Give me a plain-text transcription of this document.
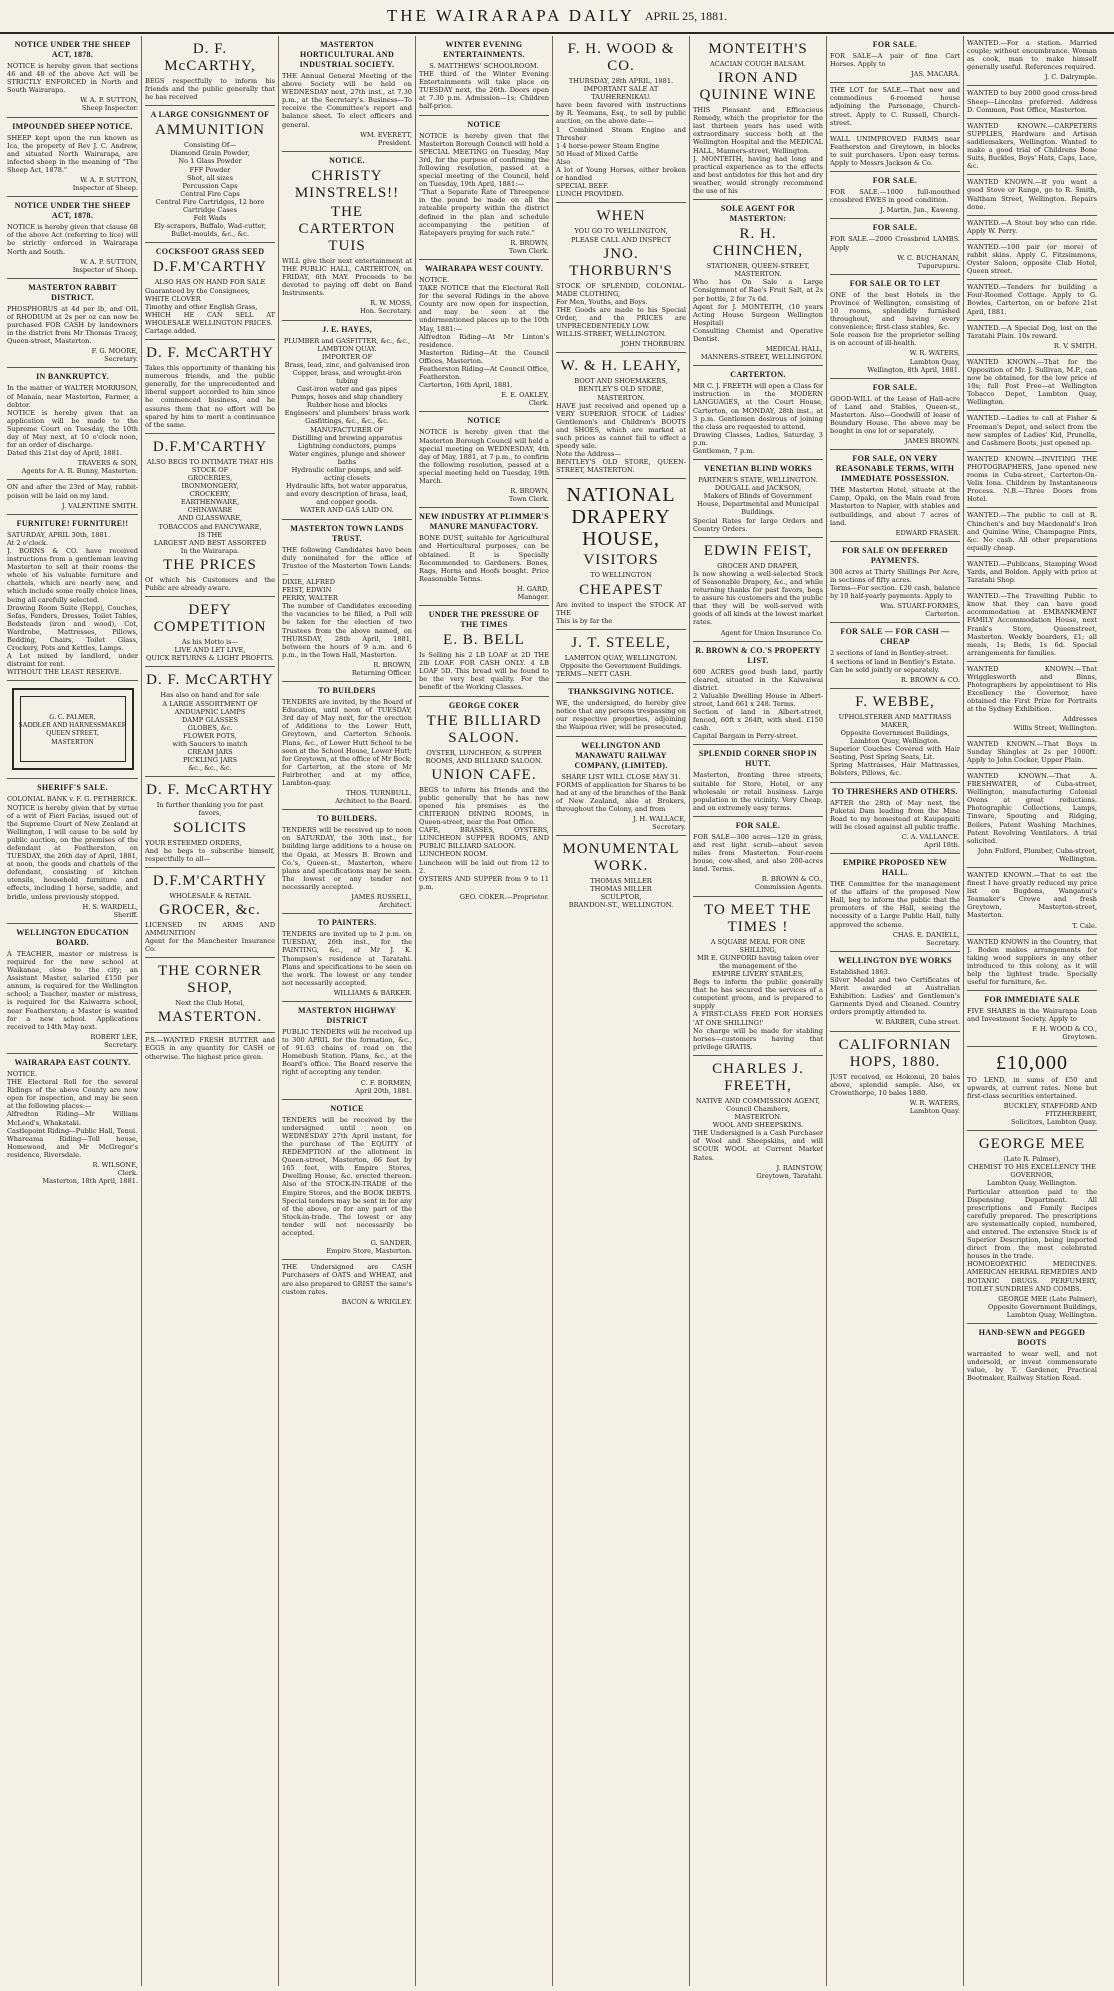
THE WAIRARAPA DAILY APRIL 25, 1881.
NOTICE UNDER THE SHEEP ACT, 1878.
NOTICE is hereby given that sections 46 and 48 of the above Act will be STRICTLY ENFORCED in North and South Wairarapa.
W. A. P. SUTTON,
Sheep Inspector.
IMPOUNDED SHEEP NOTICE.
SHEEP kept upon the run known as Ica, the property of Rev J. C. Andrew, and situated North Wairarapa, are infected sheep in the meaning of "The Sheep Act, 1878."
W. A. P. SUTTON,
Inspector of Sheep.
NOTICE UNDER THE SHEEP ACT, 1878.
NOTICE is hereby given that clause 68 of the above Act (referring to lice) will be strictly enforced in Wairarapa North and South.
W. A. P. SUTTON,
Inspector of Sheep.
MASTERTON RABBIT DISTRICT.
PHOSPHORUS at 4d per lb, and OIL of RHODIUM at 2s per oz can now be purchased FOR CASH by landowners in the district from Mr Thomas Tracey, Queen-street, Masterton.
F. G. MOORE,
Secretary.
IN BANKRUPTCY.
In the matter of WALTER MORRISON, of Manaia, near Masterton, Farmer, a debtor.
NOTICE is hereby given that an application will be made to the Supreme Court on Tuesday, the 10th day of May next, at 10 o'clock noon, for an order of discharge.
Dated this 21st day of April, 1881.
TRAVERS & SON,
Agents for A. R. Bunny, Masterton.
ON and after the 23rd of May, rabbit-poison will be laid on my land.
J. VALENTINE SMITH.
FURNITURE! FURNITURE!!
SATURDAY, APRIL 30th, 1881.
At 2 o'clock.
J. BORNS & CO. have received instructions from a gentleman leaving Masterton to sell at their rooms the whole of his valuable furniture and chattels, which are nearly new, and which include some really choice lines, being all carefully selected.
Drawing Room Suite (Repp), Couches, Sofas, Fenders, Dresses, Toilet Tables, Bedsteads (iron and wood), Cot, Wardrobe, Mattresses, Pillows, Bedding, Chairs, Toilet Glass, Crockery, Pots and Kettles, Lamps.
A Lot mixed by landlord, under distraint for rent.
WITHOUT THE LEAST RESERVE.
G. C. PALMER,
SADDLER AND HARNESSMAKER
QUEEN STREET,
MASTERTON
SHERIFF'S SALE.
COLONIAL BANK v. F. G. PETHERICK.
NOTICE is hereby given that by virtue of a writ of Fieri Facias, issued out of the Supreme Court of New Zealand at Wellington, I will cause to be sold by public auction, on the premises of the defendant at Featherston, on TUESDAY, the 26th day of April, 1881, at noon, the goods and chattels of the defendant, consisting of kitchen utensils, household furniture and effects, including 1 horse, saddle, and bridle, unless previously stopped.
H. S. WARDELL,
Sheriff.
WELLINGTON EDUCATION BOARD.
A TEACHER, master or mistress is required for the new school at Waikanae, close to the city; an Assistant Master, salaried £150 per annum, is required for the Wellington school; a Teacher, master or mistress, is required for the Kaiwarra school, near Featherston; a Master is wanted for a new school. Applications received to 14th May next.
ROBERT LEE,
Secretary.
WAIRARAPA EAST COUNTY.
NOTICE.
THE Electoral Roll for the several Ridings of the above County are now open for inspection, and may be seen at the following places:—
Alfredton Riding—Mr William McLeod's, Whakataki.
Castlepoint Riding—Public Hall, Tenui.
Whareama Riding—Toll house, Homewood, and Mr McGregor's residence, Riversdale.
R. WILSONE,
Clerk.
Masterton, 18th April, 1881.
D. F. McCARTHY,
BEGS respectfully to inform his friends and the public generally that he has received
A LARGE CONSIGNMENT OF
AMMUNITION
Consisting Of—
Diamond Grain Powder,
No 1 Glass Powder
FFF Powder
Shot, all sizes
Percussion Caps
Central Fire Caps
Central Fire Cartridges, 12 bore
Cartridge Cases
Felt Wads
Ely-scrapers, Buffalo, Wad-cutter, Bullet-moulds, &c., &c.
COCKSFOOT GRASS SEED
D.F.M'CARTHY
ALSO HAS ON HAND FOR SALE
Guaranteed by the Consignees,
WHITE CLOVER
Timothy and other English Grass,
WHICH HE CAN SELL AT WHOLESALE WELLINGTON PRICES.
Cartage added.
D. F. McCARTHY
Takes this opportunity of thanking his numerous friends, and the public generally, for the unprecedented and liberal support accorded to him since he commenced business, and he assures them that no effort will be spared by him to merit a continuance of the same.
D.F.M'CARTHY
ALSO BEGS TO INTIMATE THAT HIS STOCK OF
GROCERIES,
IRONMONGERY,
CROCKERY,
EARTHENWARE,
CHINAWARE
AND GLASSWARE,
TOBACCOS and FANCYWARE,
IS THE
LARGEST AND BEST ASSORTED
In the Wairarapa.
THE PRICES
Of which his Customers and the Public are already aware.
DEFY COMPETITION
As his Motto is—
LIVE AND LET LIVE,
QUICK RETURNS & LIGHT PROFITS.
D. F. McCARTHY
Has also on hand and for sale
A LARGE ASSORTMENT OF
ANDUAPNIC LAMPS
DAMP GLASSES
GLOBES, &c.
FLOWER POTS,
with Saucers to match
CREAM JARS
PICKLING JARS
&c., &c., &c.
D. F. McCARTHY
In further thanking you for past favors,
SOLICITS
YOUR ESTEEMED ORDERS,
And he begs to subscribe himself, respectfully to all—
D.F.M'CARTHY
WHOLESALE & RETAIL
GROCER, &c.
LICENSED IN ARMS AND AMMUNITION
Agent for the Manchester Insurance Co.
THE CORNER SHOP,
Next the Club Hotel,
MASTERTON.
P.S.—WANTED FRESH BUTTER and EGGS in any quantity for CASH or otherwise. The highest price given.
MASTERTON HORTICULTURAL AND INDUSTRIAL SOCIETY.
THE Annual General Meeting of the above Society will be held on WEDNESDAY next, 27th inst., at 7.30 p.m., at the Secretary's. Business—To receive the Committee's report and balance sheet. To elect officers and general.
WM. EVERETT,
President.
NOTICE.
CHRISTY MINSTRELS!!
THE CARTERTON TUIS
WILL give their next entertainment at THE PUBLIC HALL, CARTERTON, on FRIDAY, 6th MAY. Proceeds to be devoted to paying off debt on Band Instruments.
R. W. MOSS,
Hon. Secretary.
J. E. HAYES,
PLUMBER and GASFITTER, &c., &c.,
LAMBTON QUAY.
IMPORTER OF
Brass, lead, zinc, and galvanised iron
Copper, brass, and wrought-iron tubing
Cast-iron water and gas pipes
Pumps, hoses and ship chandlery
Rubber hose and blocks
Engineers' and plumbers' brass work
Gasfittings, &c., &c., &c.
MANUFACTURER OF
Distilling and brewing apparatus
Lightning conductors, pumps
Water engines, plunge and shower baths
Hydraulic cellar pumps, and self-acting closets
Hydraulic lifts, hot water apparatus, and every description of brass, lead, and copper goods.
WATER AND GAS LAID ON.
MASTERTON TOWN LANDS TRUST.
THE following Candidates have been duly nominated for the office of Trustee of the Masterton Town Lands:—
DIXIE, ALFRED
FEIST, EDWIN
PERRY, WALTER
The number of Candidates exceeding the vacancies to be filled, a Poll will be taken for the election of two Trustees from the above named, on THURSDAY, 28th April, 1881, between the hours of 9 a.m. and 6 p.m., in the Town Hall, Masterton.
R. BROWN,
Returning Officer.
TO BUILDERS
TENDERS are invited, by the Board of Education, until noon of TUESDAY, 3rd day of May next, for the erection of Additions to the Lower Hutt, Greytown, and Carterton Schools. Plans, &c., of Lower Hutt School to be seen at the School House, Lower Hutt; for Greytown, at the office of Mr Bock; for Carterton, at the store of Mr Fairbrother, and at my office, Lambton-quay.
THOS. TURNBULL,
Architect to the Board.
TO BUILDERS.
TENDERS will be received up to noon on SATURDAY, the 30th inst., for building large additions to a house on the Opaki, at Messrs B. Brown and Co.'s, Queen-st., Masterton, where plans and specifications may be seen. The lowest or any tender not necessarily accepted.
JAMES RUSSELL,
Architect.
TO PAINTERS.
TENDERS are invited up to 2 p.m. on TUESDAY, 26th inst., for the PAINTING, &c., of Mr J. K. Thompson's residence at Taratahi. Plans and specifications to be seen on the work. The lowest or any tender not necessarily accepted.
WILLIAMS & BARKER.
MASTERTON HIGHWAY DISTRICT
PUBLIC TENDERS will be received up to 300 APRIL for the formation, &c., of 91.63 chains of road on the Homebush Station. Plans, &c., at the Board's office. The Board reserve the right of accepting any tender.
C. F. BORMEN,
April 20th, 1881.
NOTICE
TENDERS will be received by the undersigned until noon on WEDNESDAY 27th April instant, for the purchase of The EQUITY of REDEMPTION of the allotment in Queen-street, Masterton, 66 feet by 165 feet, with Empire Stores, Dwelling House, &c. erected thereon. Also of the STOCK-IN-TRADE of the Empire Stores, and the BOOK DEBTS. Special tenders may be sent in for any of the above, or for any part of the Stock-in-trade. The lowest or any tender will not necessarily be accepted.
G. SANDER,
Empire Store, Masterton.
THE Undersigned are CASH Purchasers of OATS and WHEAT, and are also prepared to GRIST the same's custom rates.
BACON & WRIGLEY.
WINTER EVENING ENTERTAINMENTS.
S. MATTHEWS' SCHOOLROOM.
THE third of the Winter Evening Entertainments will take place on TUESDAY next, the 26th. Doors open at 7.30 p.m. Admission—1s; Children half-price.
NOTICE
NOTICE is hereby given that the Masterton Borough Council will hold a SPECIAL MEETING on Tuesday, May 3rd, for the purpose of confirming the following resolution, passed at a special meeting of the Council, held on Tuesday, 19th April, 1881:—
"That a Separate Rate of Threepence in the pound be made on all the rateable property within the district defined in the plan and schedule accompanying the petition of Ratepayers praying for such rate."
R. BROWN,
Town Clerk.
WAIRARAPA WEST COUNTY.
NOTICE.
TAKE NOTICE that the Electoral Roll for the several Ridings in the above County are now open for inspection, and may be seen at the undermentioned places up to the 10th May, 1881:—
Alfredton Riding—At Mr Linton's residence.
Masterton Riding—At the Council Offices, Masterton.
Featherston Riding—At Council Office, Featherston.
Carterton, 16th April, 1881.
E. E. OAKLEY,
Clerk.
NOTICE
NOTICE is hereby given that the Masterton Borough Council will hold a special meeting on WEDNESDAY, 4th day of May, 1881, at 7 p.m., to confirm the following resolution, passed at a special meeting held on Tuesday, 19th March.
R. BROWN,
Town Clerk.
NEW INDUSTRY AT PLIMMER'S MANURE MANUFACTORY.
BONE DUST, suitable for Agricultural and Horticultural purposes, can be obtained. It is Specially Recommended to Gardeners. Bones, Rags, Horns and Hoofs bought. Price Reasonable Terms.
H. GARD,
Manager.
UNDER THE PRESSURE OF THE TIMES
E. B. BELL
Is Selling his 2 LB LOAF at 2D THE 2lb LOAF. FOR CASH ONLY. 4 LB LOAF 5D. This bread will be found to be the very best quality. For the benefit of the Working Classes.
GEORGE COKER
THE BILLIARD SALOON.
OYSTER, LUNCHEON, & SUPPER ROOMS, AND BILLIARD SALOON.
UNION CAFE.
BEGS to inform his friends and the public generally that he has now opened his premises as the CRITERION DINING ROOMS, in Queen-street, near the Post Office.
CAFE, BRASSES, OYSTERS, LUNCHEON SUPPER ROOMS, AND PUBLIC BILLIARD SALOON.
LUNCHEON ROOM.
Luncheon will be laid out from 12 to 2.
OYSTERS AND SUPPER from 9 to 11 p.m.
GEO. COKER.—Proprietor.
F. H. WOOD & CO.
THURSDAY, 28th APRIL, 1881.
IMPORTANT SALE AT TAUHERENIKAU.
have been favored with instructions by R. Yeomans, Esq., to sell by public auction, on the above date:—
1 Combined Steam Engine and Thresher
1 4 horse-power Steam Engine
50 Head of Mixed Cattle
Also
A lot of Young Horses, either broken or handled
SPECIAL BEEF.
LUNCH PROVIDED.
WHEN
YOU GO TO WELLINGTON,
PLEASE CALL AND INSPECT
JNO. THORBURN'S
STOCK OF SPLENDID, COLONIAL-MADE CLOTHING,
For Men, Youths, and Boys.
THE Goods are made to his Special Order, and the PRICES are UNPRECEDENTEDLY LOW.
WILLIS-STREET, WELLINGTON.
JOHN THORBURN.
W. & H. LEAHY,
BOOT AND SHOEMAKERS,
BENTLEY'S OLD STORE,
MASTERTON.
HAVE just received and opened up a VERY SUPERIOR STOCK of Ladies' Gentlemen's and Children's BOOTS and SHOES, which are marked at such prices as cannot fail to effect a speedy sale.
Note the Address—
BENTLEY'S OLD STORE, QUEEN-STREET, MASTERTON.
NATIONAL DRAPERY HOUSE,
VISITORS
TO WELLINGTON
CHEAPEST
Are invited to inspect the STOCK AT THE
This is by far the
J. T. STEELE,
LAMBTON QUAY, WELLINGTON.
Opposite the Government Buildings.
TERMS—NETT CASH.
THANKSGIVING NOTICE.
WE, the undersigned, do hereby give notice that any persons trespassing on our respective properties, adjoining the Waipoua river, will be prosecuted.
WELLINGTON AND MANAWATU RAILWAY COMPANY, (LIMITED).
SHARE LIST WILL CLOSE MAY 31.
FORMS of application for Shares to be had at any of the branches of the Bank of New Zealand, also at Brokers, throughout the Colony, and from
J. H. WALLACE,
Secretary.
MONUMENTAL WORK.
THOMAS MILLER
THOMAS MILLER
SCULPTOR,
BRANDON-ST., WELLINGTON.
MONTEITH'S
ACACIAN COUGH BALSAM.
IRON AND QUININE WINE
THIS Pleasant and Efficacious Remedy, which the proprietor for the last thirteen years has used with extraordinary success both at the Wellington Hospital and the MEDICAL HALL, Manners-street, Wellington.
J. MONTEITH, having had long and practical experience as to the effects and best antidotes for this hot and dry weather, would strongly recommend the use of his
SOLE AGENT FOR MASTERTON:
R. H. CHINCHEN,
STATIONER, QUEEN-STREET, MASTERTON.
Who has On Sale a Large Consignment of Rae's Fruit Salt, at 2s per bottle, 2 for 7s 6d.
Agent for J. MONTEITH, (10 years Acting House Surgeon Wellington Hospital)
Consulting Chemist and Operative Dentist.
MEDICAL HALL,
MANNERS-STREET, WELLINGTON.
CARTERTON.
MR C. J. FREETH will open a Class for instruction in the MODERN LANGUAGES, at the Court House, Carterton, on MONDAY, 28th inst., at 3 p.m. Gentlemen desirous of joining the class are requested to attend.
Drawing Classes, Ladies, Saturday, 3 p.m.
Gentlemen, 7 p.m.
VENETIAN BLIND WORKS
PARTNER'S STATE, WELLINGTON.
DOUGALL and JACKSON,
Makers of Blinds of Government House, Departmental and Municipal Buildings.
Special Rates for large Orders and Country Orders.
EDWIN FEIST,
GROCER AND DRAPER,
Is now showing a well-selected Stock of Seasonable Drapery, &c., and while returning thanks for past favors, begs to assure his customers and the public that they will be well-served with goods of all kinds at the lowest market rates.
Agent for Union Insurance Co.
R. BROWN & CO.'S PROPERTY LIST.
600 ACRES good bush land, partly cleared, situated in the Kaiwaiwai district.
2 Valuable Dwelling House in Albert-street, Land 661 x 248. Terms.
Section of land in Albert-street, fenced, 60ft x 264ft, with shed. £150 cash.
Capital Bargain in Perry-street.
SPLENDID CORNER SHOP IN HUTT.
Masterton, fronting three streets, suitable for Store, Hotel, or any wholesale or retail business. Large population in the vicinity. Very Cheap, and on extremely easy terms.
FOR SALE.
FOR SALE—300 acres—120 in grass, and rest light scrub—about seven miles from Masterton. Four-room house, cow-shed, and also 200-acres land. Terms.
R. BROWN & CO.,
Commission Agents.
TO MEET THE TIMES !
A SQUARE MEAL FOR ONE SHILLING,
MR E. GUNFORD having taken over the management of the
EMPIRE LIVERY STABLES,
Begs to inform the public generally that he has secured the services of a competent groom, and is prepared to supply
A FIRST-CLASS FEED FOR HORSES 'AT ONE SHILLING!'
No charge will be made for stabling horses—customers having that privilege GRATIS.
CHARLES J. FREETH,
NATIVE AND COMMISSION AGENT,
Council Chambers,
MASTERTON.
WOOL AND SHEEPSKINS.
THE Undersigned is a Cash Purchaser of Wool and Sheepskins, and will SCOUR WOOL at Current Market Rates.
J. RAINSTOW,
Greytown, Taratahi.
FOR SALE.
FOR SALE—A pair of fine Cart Horses. Apply to
JAS. MACARA.
THE LOT for SALE.—That new and commodious 6-roomed house adjoining the Parsonage, Church-street. Apply to C. Russell, Church-street.
WALL UNIMPROVED FARMS near Featherston and Greytown, in blocks to suit purchasers. Upon easy terms. Apply to Messrs Jackson & Co.
FOR SALE.
FOR SALE.—1000 full-mouthed crossbred EWES in good condition.
J. Martin, Jun., Kaweng.
FOR SALE.
FOR SALE.—2000 Crossbred LAMBS. Apply
W. C. BUCHANAN,
Tupurupuru.
FOR SALE OR TO LET
ONE of the best Hotels in the Province of Wellington, consisting of 10 rooms, splendidly furnished throughout, and having every convenience; first-class stables, &c.
Sole reason for the proprietor selling is on account of ill-health.
W. R. WATERS,
Lambton Quay,
Wellington, 8th April, 1881.
FOR SALE.
GOOD-WILL of the Lease of Hall-acre of Land and Stables, Queen-st., Masterton. Also—Goodwill of lease of Boundary House. The above may be bought in one lot or separately.
JAMES BROWN.
FOR SALE, ON VERY REASONABLE TERMS, WITH IMMEDIATE POSSESSION.
THE Masterton Hotel, situate at the Camp, Opaki, on the Main road from Masterton to Napier, with stables and outbuildings, and about 7 acres of land.
EDWARD FRASER.
FOR SALE ON DEFERRED PAYMENTS.
300 acres at Thirty Shillings Per Acre, in sections of fifty acres.
Terms—For section. £20 cash, balance by 10 half-yearly payments. Apply to
Wm. STUART-FORMES,
Carterton.
FOR SALE — FOR CASH — CHEAP
2 sections of land in Bentley-street.
4 sections of land in Bentley's Estate.
Can be sold jointly or separately.
R. BROWN & CO.
F. WEBBE,
UPHOLSTERER AND MATTRASS MAKER,
Opposite Government Buildings,
Lambton Quay, Wellington.
Superior Couches Covered with Hair Seating, Post Spring Seats, Lit.
Spring Mattrasses, Hair Mattrasses, Bolsters, Pillows, &c.
TO THRESHERS AND OTHERS.
AFTER the 28th of May next, the Puketai Dam leading from the Mine Road to my homestead at Kaupapaiti will be closed against all public traffic.
C. A. VALLANCE.
April 18th.
EMPIRE PROPOSED NEW HALL.
THE Committee for the management of the affairs of the proposed New Hall, beg to inform the public that the promoters of the Hall, seeing the necessity of a Large Public Hall, fully approved the scheme.
CHAS. E. DANIELL,
Secretary.
WELLINGTON DYE WORKS
Established 1863.
Silver Medal and two Certificates of Merit awarded at Australian Exhibition. Ladies' and Gentlemen's Garments Dyed and Cleaned. Country orders promptly attended to.
W. BARBER, Cuba street.
CALIFORNIAN HOPS, 1880.
JUST received, ex Hokonui, 20 bales above, splendid sample. Also, ex Crownthorpe, 10 bales 1880.
W. R. WATERS,
Lambton Quay.
WANTED.—For a station. Married couple; without encumbrance. Woman as cook, man to make himself generally useful. References required.
J. C. Dalrymple.
WANTED to buy 2000 good cross-bred Sheep—Lincolns preferred. Address D. Common, Post Office, Masterton.
WANTED KNOWN.—CARPETERS SUPPLIES, Hardware and Artisan saddlemakers, Wellington. Wanted to make a good trial of Childrens Bone Suits, Buckles, Boys' Hats, Caps, Lace, &c.
WANTED KNOWN.—If you want a good Stove or Range, go to R. Smith, Waltham Street, Wellington. Repairs done.
WANTED.—A Stout boy who can ride. Apply W. Perry.
WANTED.—100 pair (or more) of rabbit skins. Apply C. Fitzsimmons, Oyster Saloon, opposite Club Hotel, Queen street.
WANTED.—Tenders for building a Four-Roomed Cottage. Apply to G. Bowles, Carterton, on or before 21st April, 1881.
WANTED.—A Special Dog, lost on the Taratahi Plain. 10s reward.
R. V. SMITH.
WANTED KNOWN.—That for the Opposition of Mr. J. Sullivan, M.P., can now be obtained, for the low price of 10s; full Post Free—at Wellington Tobacco Depot, Lambton Quay, Wellington.
WANTED.—Ladies to call at Fisher & Freeman's Depot, and select from the new samples of Ladies' Kid, Prunella, and Cashmere Boots, just opened up.
WANTED KNOWN.—INVITING THE PHOTOGRAPHERS, Jane opened new rooms in Cuba-street, Carterton-On-Velix Iona. Children by Instantaneous Process. N.B.—Three Doors from Hotel.
WANTED.—The public to call at R. Chinchen's and buy Macdonald's Iron and Quinine Wine, Champagne Pints, &c. No cash. All other preparations equally cheap.
WANTED.—Publicans, Stamping Wood Yards, and Boldon. Apply with price at Taratahi Shop.
WANTED.—The Travelling Public to know that they can have good accommodation at EMBANKMENT FAMILY Accommodation House, next Frank's Store, Queenstreet, Masterton. Weekly boarders, £1; all meals, 1s; Beds, 1s 6d. Special arrangements for families.
WANTED KNOWN.—That Wrigglesworth and Binns, Photographers by appointment to His Excellency the Governor, have obtained the First Prize for Portraits at the Sydney Exhibition.
Addresses
Willis Street, Wellington.
WANTED KNOWN.—That Boys in Sunday Shingles at 2s per 1000ft. Apply to John Cocker, Upper Plain.
WANTED KNOWN.—That A. FRESHWATER, of Cuba-street, Wellington, manufacturing Colonial Ovens at great reductions. Photographic Collections, Lamps, Tinware, Spouting and Ridging, Boilers, Patent Washing Machines, Patent Revolving Ventilators. A trial solicited.
John Fulford, Plumber, Cuba-street, Wellington.
WANTED KNOWN.—That to eat the finest I have greatly reduced my price list on Bugdens, Wanganui's Teamaker's Crewe and fresh Greytown, Masterton-street, Masterton.
T. Cale.
WANTED KNOWN in the Country, that J. Boden makes arrangements for taking wood suppliers in any other introduced to this colony, as it will help the lightest trade. Specially useful for furniture, &c.
FOR IMMEDIATE SALE
FIVE SHARES in the Wairarapa Loan and Investment Society. Apply to
F. H. WOOD & CO.,
Greytown.
£10,000
TO LEND, in sums of £50 and upwards, at current rates. None but first-class securities entertained.
BUCKLEY, STAFFORD AND FITZHERBERT,
Solicitors, Lambton Quay.
GEORGE MEE
(Late R. Palmer),
CHEMIST TO HIS EXCELLENCY THE GOVERNOR,
Lambton Quay, Wellington.
Particular attention paid to the Dispensing Department. All prescriptions and Family Recipes carefully prepared. The prescriptions are systematically copied, numbered, and entered. The extensive Stock is of Superior Description, being imported direct from the most celebrated houses in the trade.
HOMOEOPATHIC MEDICINES. AMERICAN HERBAL REMEDIES AND BOTANIC DRUGS. PERFUMERY, TOILET SUNDRIES AND COMBS.
GEORGE MEE (Late Palmer),
Opposite Government Buildings,
Lambton Quay, Wellington.
HAND-SEWN and PEGGED BOOTS
warranted to wear well, and not undersold, or invest commensurate value, by T. Gardener, Practical Bootmaker, Railway Station Road.
